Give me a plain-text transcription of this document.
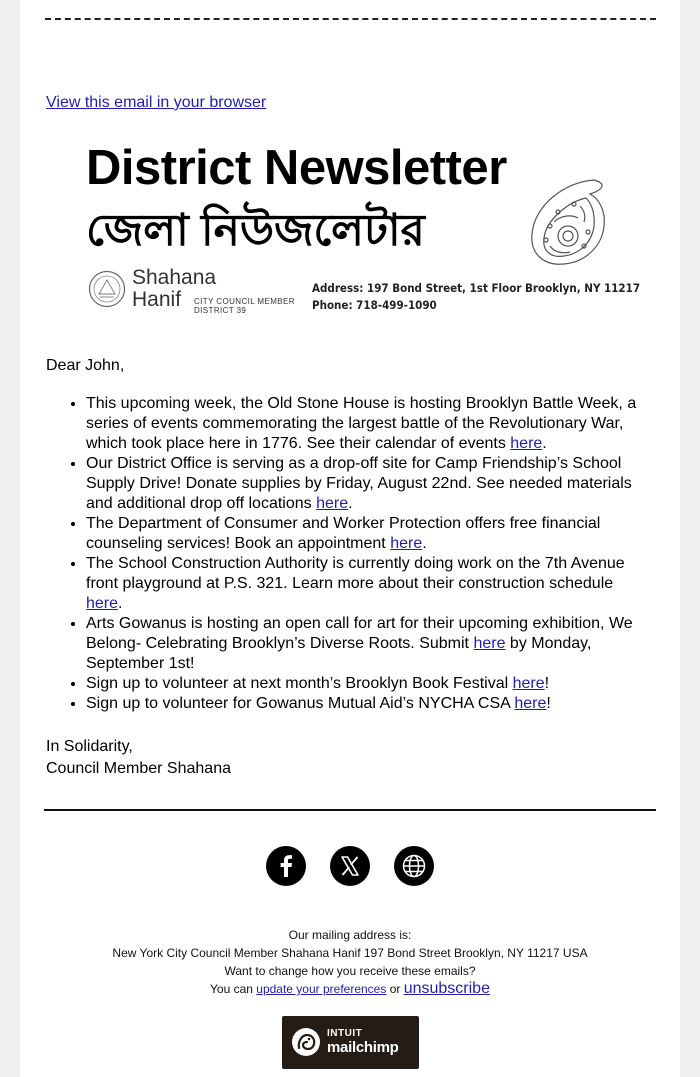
View this email in your browser
District Newsletter
জেলা নিউজলেটার
Shahana
Hanif	CITY COUNCIL MEMBER
DISTRICT 39
Address: 197 Bond Street, 1st Floor Brooklyn, NY 11217
Phone: 718-499-1090

Dear John,

• This upcoming week, the Old Stone House is hosting Brooklyn Battle Week, a series of events commemorating the largest battle of the Revolutionary War, which took place here in 1776. See their calendar of events here.
• Our District Office is serving as a drop-off site for Camp Friendship’s School Supply Drive! Donate supplies by Friday, August 22nd. See needed materials and additional drop off locations here.
• The Department of Consumer and Worker Protection offers free financial counseling services! Book an appointment here.
• The School Construction Authority is currently doing work on the 7th Avenue front playground at P.S. 321. Learn more about their construction schedule here.
• Arts Gowanus is hosting an open call for art for their upcoming exhibition, We Belong- Celebrating Brooklyn’s Diverse Roots. Submit here by Monday, September 1st!
• Sign up to volunteer at next month’s Brooklyn Book Festival here!
• Sign up to volunteer for Gowanus Mutual Aid’s NYCHA CSA here!
In Solidarity,
Council Member Shahana
Our mailing address is:
New York City Council Member Shahana Hanif 197 Bond Street Brooklyn, NY 11217 USA
Want to change how you receive these emails?
You can update your preferences or unsubscribe
INTUIT
mailchimp
